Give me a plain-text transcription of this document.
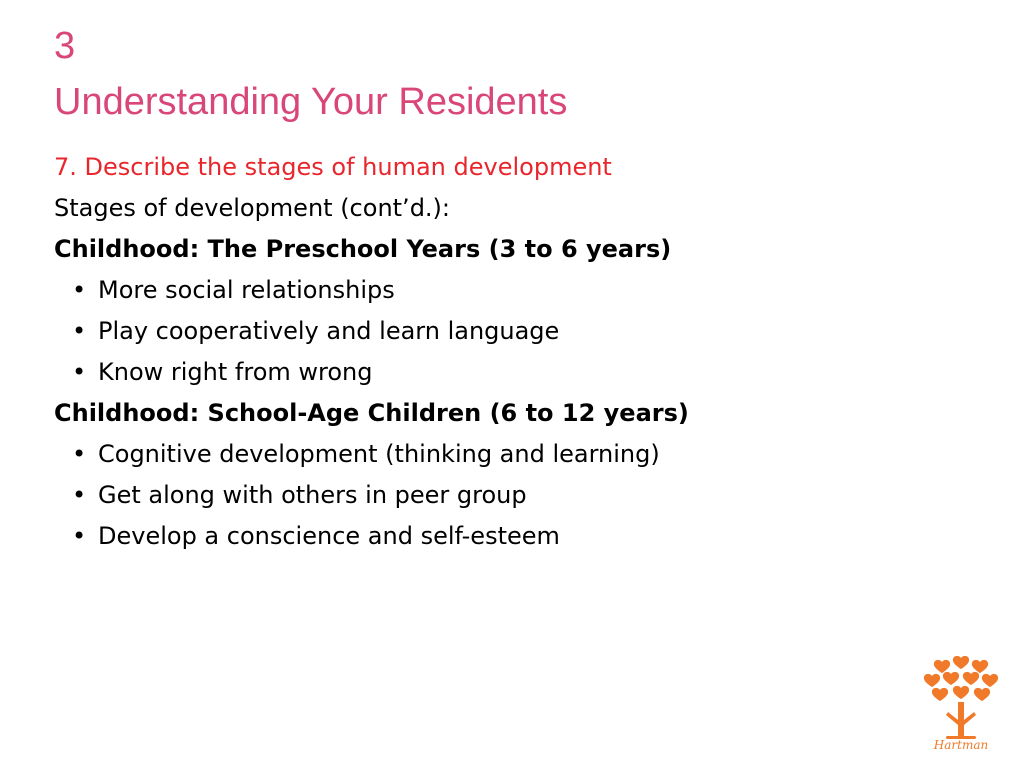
3
Understanding Your Residents
7. Describe the stages of human development
Stages of development (cont’d.):
Childhood: The Preschool Years (3 to 6 years)
• More social relationships
• Play cooperatively and learn language
• Know right from wrong
Childhood: School-Age Children (6 to 12 years)
• Cognitive development (thinking and learning)
• Get along with others in peer group
• Develop a conscience and self-esteem
Hartman
